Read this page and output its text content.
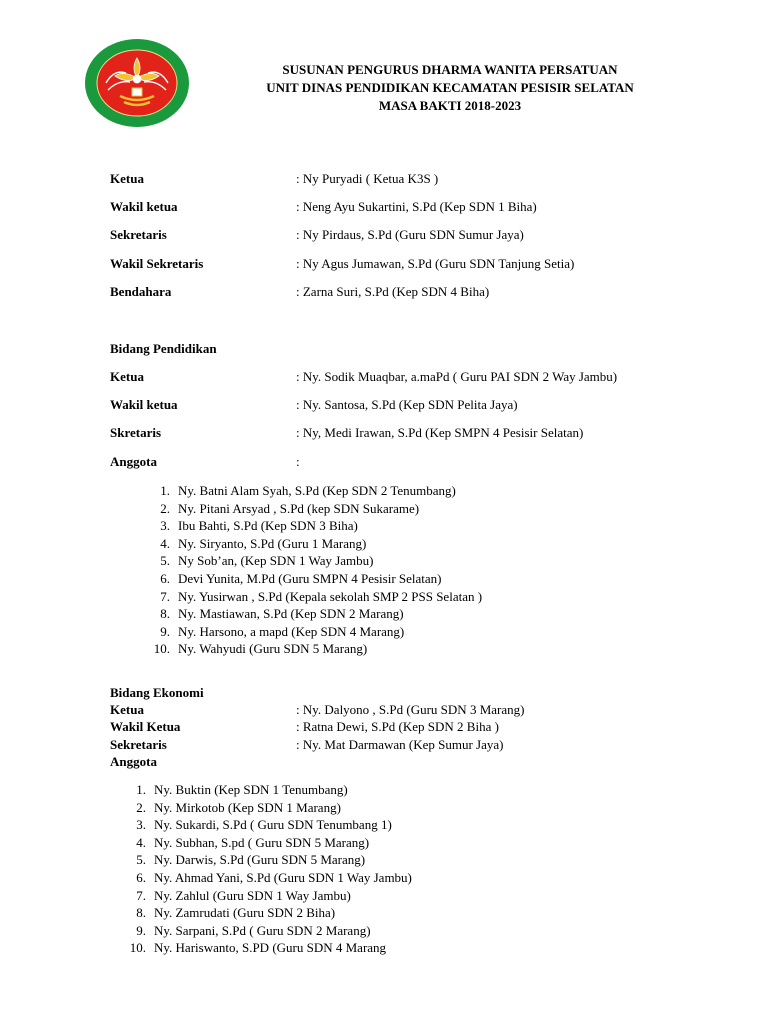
SUSUNAN PENGURUS DHARMA WANITA PERSATUAN
UNIT DINAS PENDIDIKAN KECAMATAN PESISIR SELATAN
MASA BAKTI 2018-2023
Ketua	: Ny Puryadi ( Ketua K3S )
Wakil ketua	: Neng Ayu Sukartini, S.Pd (Kep SDN 1 Biha)
Sekretaris	: Ny Pirdaus, S.Pd (Guru SDN Sumur Jaya)
Wakil Sekretaris	: Ny Agus Jumawan, S.Pd (Guru SDN Tanjung Setia)
Bendahara	: Zarna Suri, S.Pd (Kep SDN 4 Biha)
Bidang Pendidikan
Ketua	: Ny. Sodik Muaqbar, a.maPd ( Guru PAI SDN 2 Way Jambu)
Wakil ketua	: Ny. Santosa, S.Pd (Kep SDN Pelita Jaya)
Skretaris	: Ny, Medi Irawan, S.Pd (Kep SMPN 4 Pesisir Selatan)
Anggota	:
1. Ny. Batni Alam Syah, S.Pd (Kep SDN 2 Tenumbang)
2. Ny. Pitani Arsyad , S.Pd (kep SDN Sukarame)
3. Ibu Bahti, S.Pd (Kep SDN 3 Biha)
4. Ny. Siryanto, S.Pd (Guru 1 Marang)
5. Ny Sob’an, (Kep SDN 1 Way Jambu)
6. Devi Yunita, M.Pd (Guru SMPN 4 Pesisir Selatan)
7. Ny. Yusirwan , S.Pd (Kepala sekolah SMP 2 PSS Selatan )
8. Ny. Mastiawan, S.Pd (Kep SDN 2 Marang)
9. Ny. Harsono, a mapd (Kep SDN 4 Marang)
10. Ny. Wahyudi (Guru SDN 5 Marang)
Bidang Ekonomi
Ketua	: Ny. Dalyono , S.Pd (Guru SDN 3 Marang)
Wakil Ketua	: Ratna Dewi, S.Pd (Kep SDN 2 Biha )
Sekretaris	: Ny. Mat Darmawan (Kep Sumur Jaya)
Anggota
1. Ny. Buktin (Kep SDN 1 Tenumbang)
2. Ny. Mirkotob (Kep SDN 1 Marang)
3. Ny. Sukardi, S.Pd ( Guru SDN Tenumbang 1)
4. Ny. Subhan, S.pd ( Guru SDN 5 Marang)
5. Ny. Darwis, S.Pd (Guru SDN 5 Marang)
6. Ny. Ahmad Yani, S.Pd (Guru SDN 1 Way Jambu)
7. Ny. Zahlul (Guru SDN 1 Way Jambu)
8. Ny. Zamrudati (Guru SDN 2 Biha)
9. Ny. Sarpani, S.Pd ( Guru SDN 2 Marang)
10. Ny. Hariswanto, S.PD (Guru SDN 4 Marang
